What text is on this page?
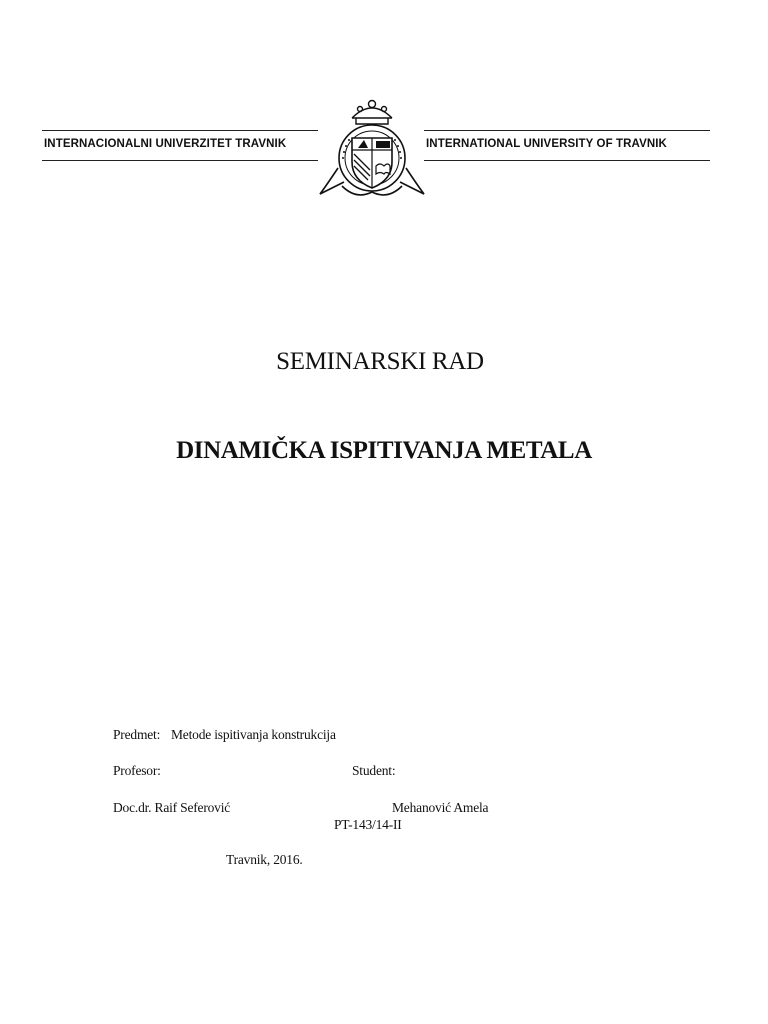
INTERNACIONALNI UNIVERZITET TRAVNIK	INTERNATIONAL UNIVERSITY OF TRAVNIK
SEMINARSKI RAD
DINAMIČKA ISPITIVANJA METALA
Predmet: Metode ispitivanja konstrukcija
Profesor:	Student:
Doc.dr. Raif Seferović	Mehanović Amela
PT-143/14-II
Travnik, 2016.
